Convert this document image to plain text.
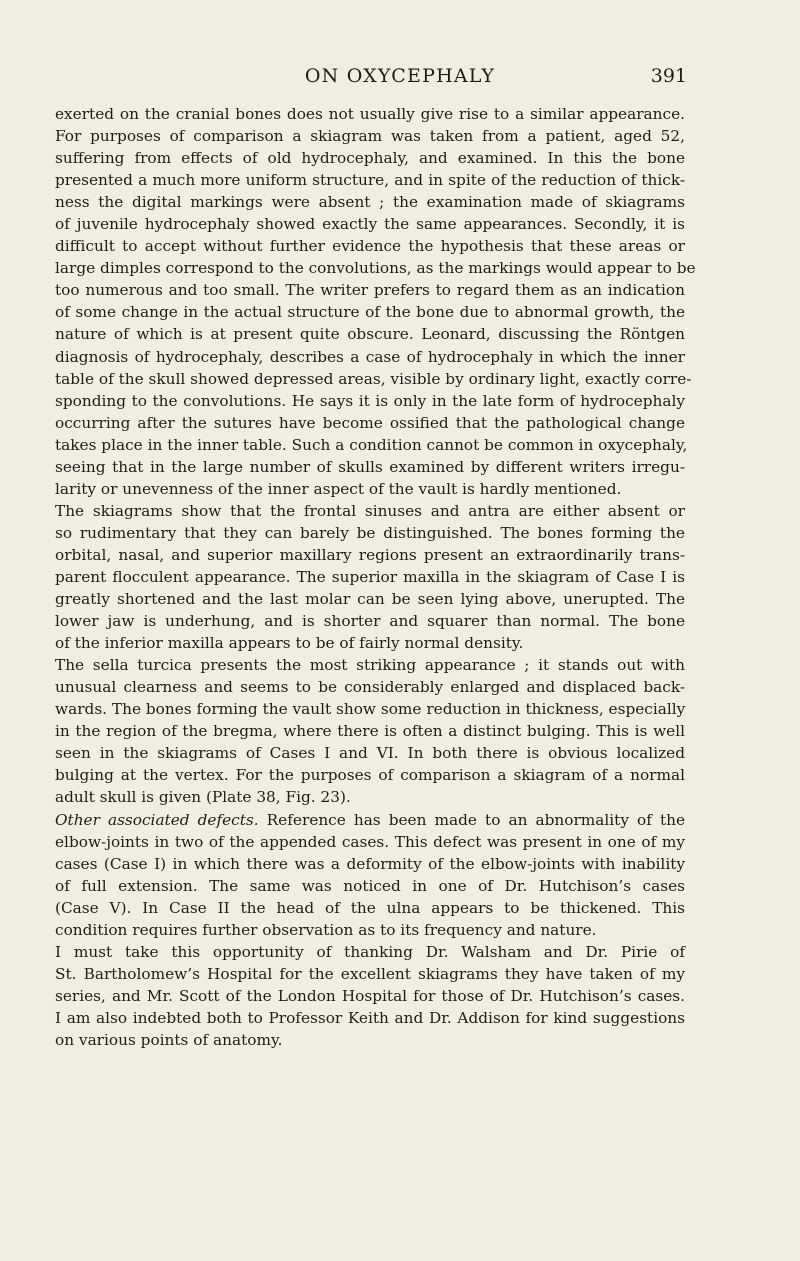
ON OXYCEPHALY	391

exerted on the cranial bones does not usually give rise to a similar appearance.
For purposes of comparison a skiagram was taken from a patient, aged 52,
suffering from effects of old hydrocephaly, and examined. In this the bone
presented a much more uniform structure, and in spite of the reduction of thick-
ness the digital markings were absent ; the examination made of skiagrams
of juvenile hydrocephaly showed exactly the same appearances. Secondly, it is
difficult to accept without further evidence the hypothesis that these areas or
large dimples correspond to the convolutions, as the markings would appear to be
too numerous and too small. The writer prefers to regard them as an indication
of some change in the actual structure of the bone due to abnormal growth, the
nature of which is at present quite obscure. Leonard, discussing the Röntgen
diagnosis of hydrocephaly, describes a case of hydrocephaly in which the inner
table of the skull showed depressed areas, visible by ordinary light, exactly corre-
sponding to the convolutions. He says it is only in the late form of hydrocephaly
occurring after the sutures have become ossified that the pathological change
takes place in the inner table. Such a condition cannot be common in oxycephaly,
seeing that in the large number of skulls examined by different writers irregu-
larity or unevenness of the inner aspect of the vault is hardly mentioned.

The skiagrams show that the frontal sinuses and antra are either absent or
so rudimentary that they can barely be distinguished. The bones forming the
orbital, nasal, and superior maxillary regions present an extraordinarily trans-
parent flocculent appearance. The superior maxilla in the skiagram of Case I is
greatly shortened and the last molar can be seen lying above, unerupted. The
lower jaw is underhung, and is shorter and squarer than normal. The bone
of the inferior maxilla appears to be of fairly normal density.

The sella turcica presents the most striking appearance ; it stands out with
unusual clearness and seems to be considerably enlarged and displaced back-
wards. The bones forming the vault show some reduction in thickness, especially
in the region of the bregma, where there is often a distinct bulging. This is well
seen in the skiagrams of Cases I and VI. In both there is obvious localized
bulging at the vertex. For the purposes of comparison a skiagram of a normal
adult skull is given (Plate 38, Fig. 23).

Other associated defects. Reference has been made to an abnormality of the
elbow-joints in two of the appended cases. This defect was present in one of my
cases (Case I) in which there was a deformity of the elbow-joints with inability
of full extension. The same was noticed in one of Dr. Hutchison’s cases
(Case V). In Case II the head of the ulna appears to be thickened. This
condition requires further observation as to its frequency and nature.

I must take this opportunity of thanking Dr. Walsham and Dr. Pirie of
St. Bartholomew’s Hospital for the excellent skiagrams they have taken of my
series, and Mr. Scott of the London Hospital for those of Dr. Hutchison’s cases.
I am also indebted both to Professor Keith and Dr. Addison for kind suggestions
on various points of anatomy.
